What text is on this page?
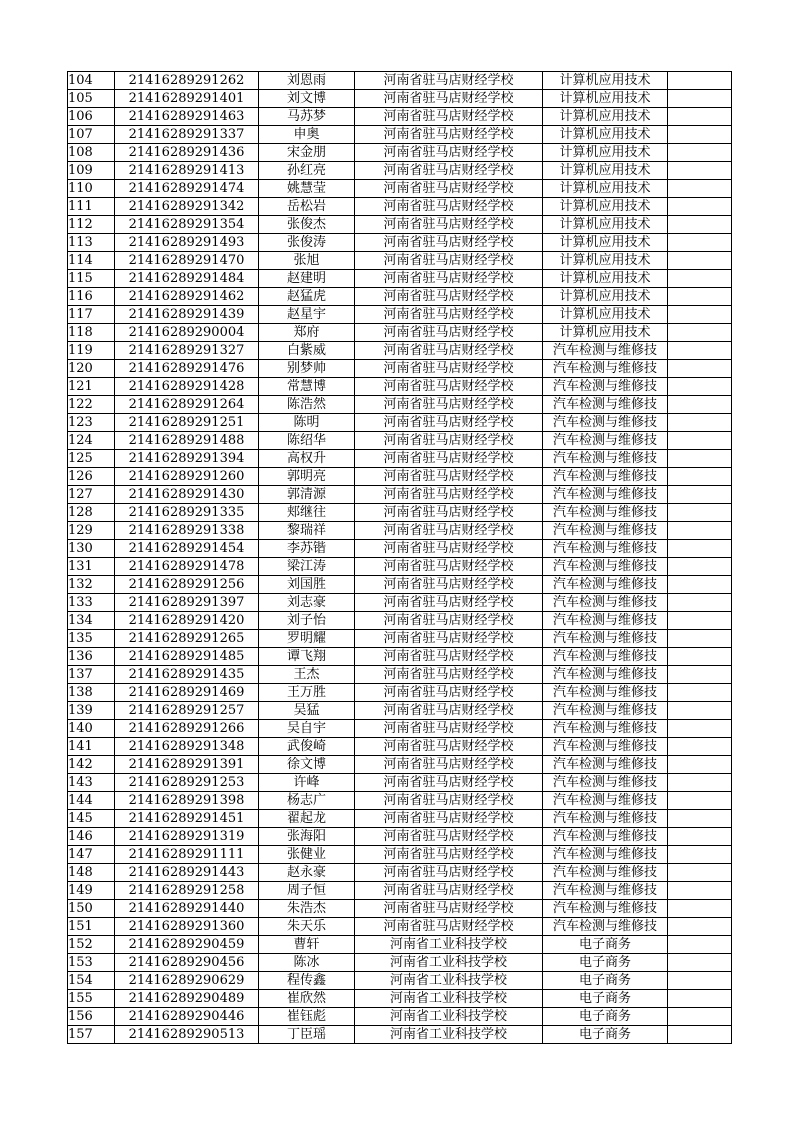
104	21416289291262	刘恩雨	河南省驻马店财经学校	计算机应用技术	
105	21416289291401	刘文博	河南省驻马店财经学校	计算机应用技术	
106	21416289291463	马苏梦	河南省驻马店财经学校	计算机应用技术	
107	21416289291337	申奥	河南省驻马店财经学校	计算机应用技术	
108	21416289291436	宋金朋	河南省驻马店财经学校	计算机应用技术	
109	21416289291413	孙红亮	河南省驻马店财经学校	计算机应用技术	
110	21416289291474	姚慧莹	河南省驻马店财经学校	计算机应用技术	
111	21416289291342	岳松岩	河南省驻马店财经学校	计算机应用技术	
112	21416289291354	张俊杰	河南省驻马店财经学校	计算机应用技术	
113	21416289291493	张俊涛	河南省驻马店财经学校	计算机应用技术	
114	21416289291470	张旭	河南省驻马店财经学校	计算机应用技术	
115	21416289291484	赵建明	河南省驻马店财经学校	计算机应用技术	
116	21416289291462	赵猛虎	河南省驻马店财经学校	计算机应用技术	
117	21416289291439	赵星宇	河南省驻马店财经学校	计算机应用技术	
118	21416289290004	郑府	河南省驻马店财经学校	计算机应用技术	
119	21416289291327	白紫威	河南省驻马店财经学校	汽车检测与维修技	
120	21416289291476	别梦帅	河南省驻马店财经学校	汽车检测与维修技	
121	21416289291428	常慧博	河南省驻马店财经学校	汽车检测与维修技	
122	21416289291264	陈浩然	河南省驻马店财经学校	汽车检测与维修技	
123	21416289291251	陈明	河南省驻马店财经学校	汽车检测与维修技	
124	21416289291488	陈绍华	河南省驻马店财经学校	汽车检测与维修技	
125	21416289291394	高权升	河南省驻马店财经学校	汽车检测与维修技	
126	21416289291260	郭明亮	河南省驻马店财经学校	汽车检测与维修技	
127	21416289291430	郭清源	河南省驻马店财经学校	汽车检测与维修技	
128	21416289291335	郏继往	河南省驻马店财经学校	汽车检测与维修技	
129	21416289291338	黎瑞祥	河南省驻马店财经学校	汽车检测与维修技	
130	21416289291454	李苏锴	河南省驻马店财经学校	汽车检测与维修技	
131	21416289291478	梁江涛	河南省驻马店财经学校	汽车检测与维修技	
132	21416289291256	刘国胜	河南省驻马店财经学校	汽车检测与维修技	
133	21416289291397	刘志豪	河南省驻马店财经学校	汽车检测与维修技	
134	21416289291420	刘子怡	河南省驻马店财经学校	汽车检测与维修技	
135	21416289291265	罗明耀	河南省驻马店财经学校	汽车检测与维修技	
136	21416289291485	谭飞翔	河南省驻马店财经学校	汽车检测与维修技	
137	21416289291435	王杰	河南省驻马店财经学校	汽车检测与维修技	
138	21416289291469	王万胜	河南省驻马店财经学校	汽车检测与维修技	
139	21416289291257	吴猛	河南省驻马店财经学校	汽车检测与维修技	
140	21416289291266	吴自宇	河南省驻马店财经学校	汽车检测与维修技	
141	21416289291348	武俊崎	河南省驻马店财经学校	汽车检测与维修技	
142	21416289291391	徐文博	河南省驻马店财经学校	汽车检测与维修技	
143	21416289291253	许峰	河南省驻马店财经学校	汽车检测与维修技	
144	21416289291398	杨志广	河南省驻马店财经学校	汽车检测与维修技	
145	21416289291451	翟起龙	河南省驻马店财经学校	汽车检测与维修技	
146	21416289291319	张海阳	河南省驻马店财经学校	汽车检测与维修技	
147	21416289291111	张健业	河南省驻马店财经学校	汽车检测与维修技	
148	21416289291443	赵永豪	河南省驻马店财经学校	汽车检测与维修技	
149	21416289291258	周子恒	河南省驻马店财经学校	汽车检测与维修技	
150	21416289291440	朱浩杰	河南省驻马店财经学校	汽车检测与维修技	
151	21416289291360	朱天乐	河南省驻马店财经学校	汽车检测与维修技	
152	21416289290459	曹轩	河南省工业科技学校	电子商务	
153	21416289290456	陈冰	河南省工业科技学校	电子商务	
154	21416289290629	程传鑫	河南省工业科技学校	电子商务	
155	21416289290489	崔欣然	河南省工业科技学校	电子商务	
156	21416289290446	崔钰彪	河南省工业科技学校	电子商务	
157	21416289290513	丁臣瑶	河南省工业科技学校	电子商务	
